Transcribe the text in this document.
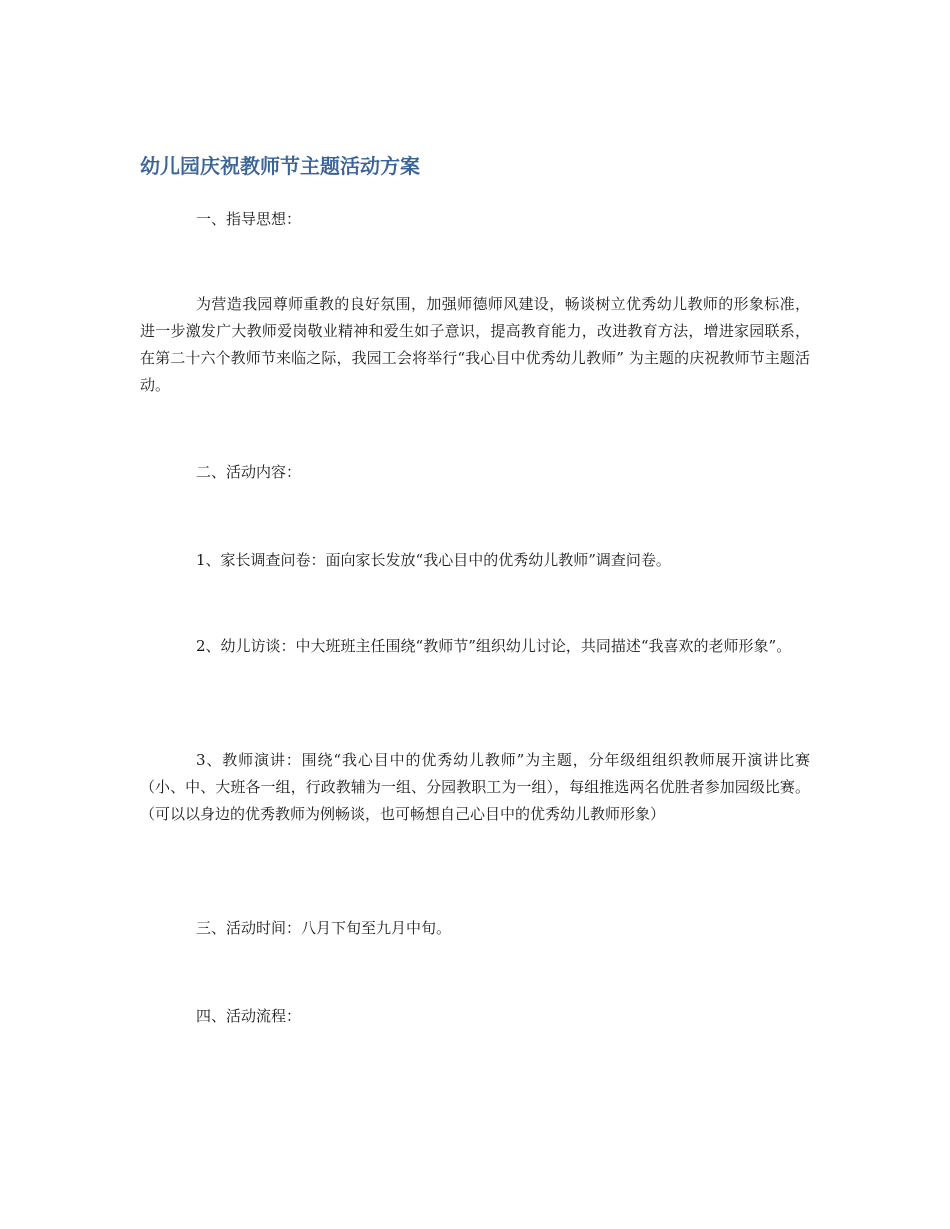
幼儿园庆祝教师节主题活动方案

一、指导思想：

为营造我园尊师重教的良好氛围，加强师德师风建设，畅谈树立优秀幼儿教师的形象标准，进一步激发广大教师爱岗敬业精神和爱生如子意识，提高教育能力，改进教育方法，增进家园联系，在第二十六个教师节来临之际，我园工会将举行“我心目中优秀幼儿教师” 为主题的庆祝教师节主题活动。

二、活动内容：

1、家长调查问卷：面向家长发放“我心目中的优秀幼儿教师”调查问卷。

2、幼儿访谈：中大班班主任围绕“教师节”组织幼儿讨论，共同描述“我喜欢的老师形象”。

3、教师演讲：围绕“我心目中的优秀幼儿教师”为主题，分年级组组织教师展开演讲比赛（小、中、大班各一组，行政教辅为一组、分园教职工为一组），每组推选两名优胜者参加园级比赛。（可以以身边的优秀教师为例畅谈，也可畅想自己心目中的优秀幼儿教师形象）

三、活动时间：八月下旬至九月中旬。

四、活动流程：
